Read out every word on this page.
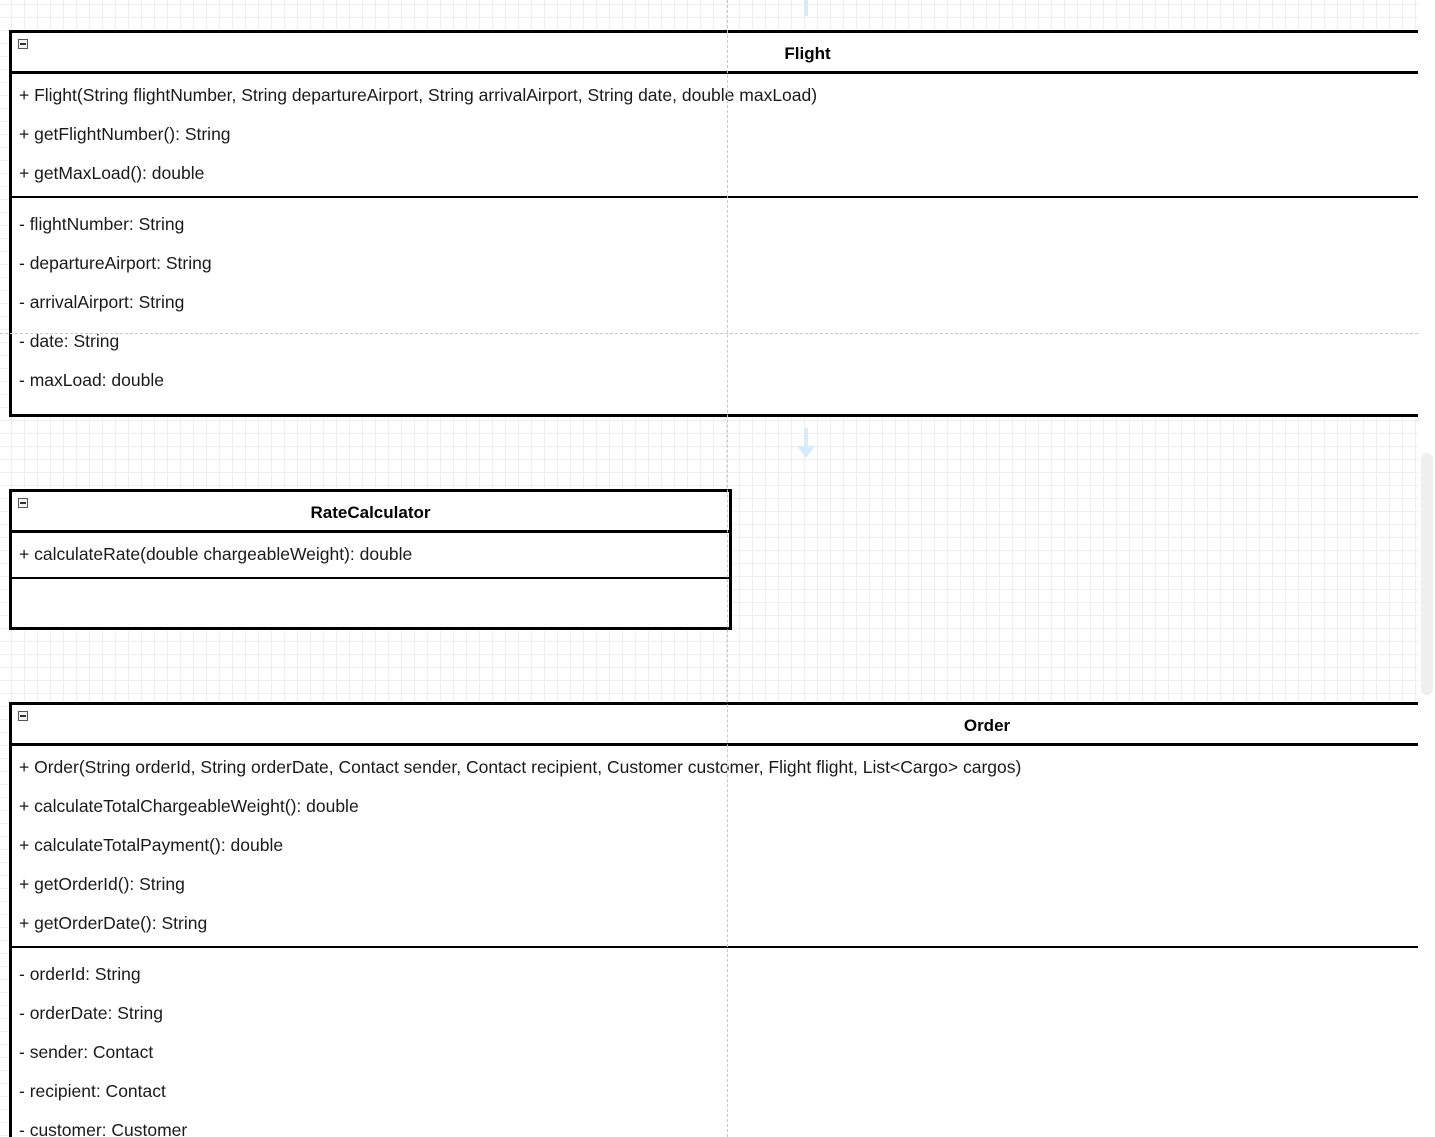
Flight
+ Flight(String flightNumber, String departureAirport, String arrivalAirport, String date, double maxLoad)
+ getFlightNumber(): String
+ getMaxLoad(): double
- flightNumber: String
- departureAirport: String
- arrivalAirport: String
- date: String
- maxLoad: double
RateCalculator
+ calculateRate(double chargeableWeight): double
Order
+ Order(String orderId, String orderDate, Contact sender, Contact recipient, Customer customer, Flight flight, List<Cargo> cargos)
+ calculateTotalChargeableWeight(): double
+ calculateTotalPayment(): double
+ getOrderId(): String
+ getOrderDate(): String
- orderId: String
- orderDate: String
- sender: Contact
- recipient: Contact
- customer: Customer
